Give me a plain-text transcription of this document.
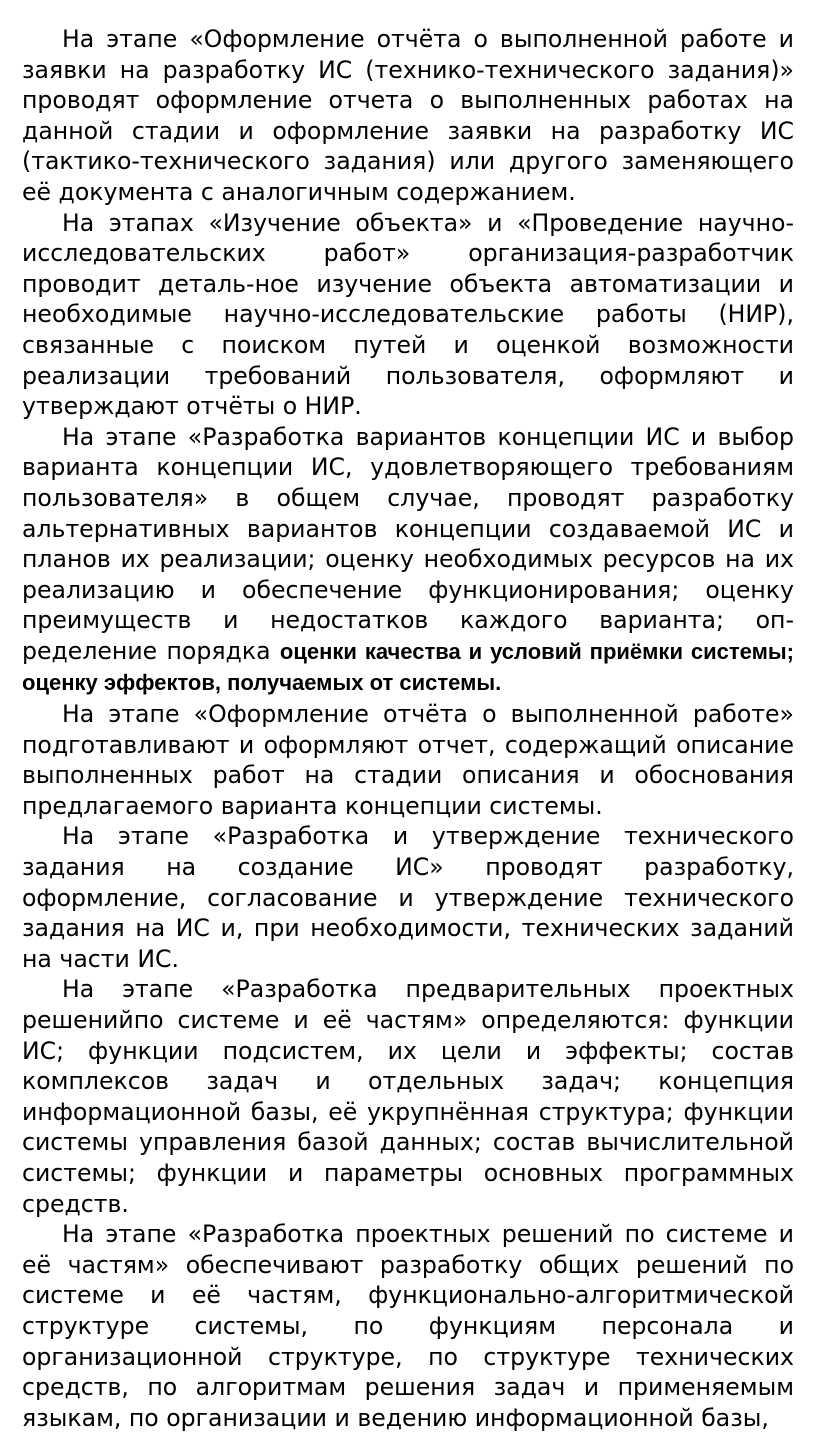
На этапе «Оформление отчёта о выполненной работе и заявки на разработку ИС (технико-технического задания)» проводят оформление отчета о выполненных работах на данной стадии и оформление заявки на разработку ИС (тактико-технического задания) или другого заменяющего её документа с аналогичным содержанием.

На этапах «Изучение объекта» и «Проведение научно-исследовательских работ» организация-разработчик проводит деталь-ное изучение объекта автоматизации и необходимые научно-исследовательские работы (НИР), связанные с поиском путей и оценкой возможности реализации требований пользователя, оформляют и утверждают отчёты о НИР.

На этапе «Разработка вариантов концепции ИС и выбор варианта концепции ИС, удовлетворяющего требованиям пользователя» в общем случае, проводят разработку альтернативных вариантов концепции создаваемой ИС и планов их реализации; оценку необходимых ресурсов на их реализацию и обеспечение функционирования; оценку преимуществ и недостатков каждого варианта; определение порядка оценки качества и условий приёмки системы; оценку эффектов, получаемых от системы.

На этапе «Оформление отчёта о выполненной работе» подготавливают и оформляют отчет, содержащий описание выполненных работ на стадии описания и обоснования предлагаемого варианта концепции системы.

На этапе «Разработка и утверждение технического задания на создание ИС» проводят разработку, оформление, согласование и утверждение технического задания на ИС и, при необходимости, технических заданий на части ИС.

На этапе «Разработка предварительных проектных решенийпо системе и её частям» определяются: функции ИС; функции подсистем, их цели и эффекты; состав комплексов задач и отдельных задач; концепция информационной базы, её укрупнённая структура; функции системы управления базой данных; состав вычислительной системы; функции и параметры основных программных средств.

На этапе «Разработка проектных решений по системе и её частям» обеспечивают разработку общих решений по системе и её частям, функционально-алгоритмической структуре системы, по функциям персонала и организационной структуре, по структуре технических средств, по алгоритмам решения задач и применяемым языкам, по организации и ведению информационной базы,
